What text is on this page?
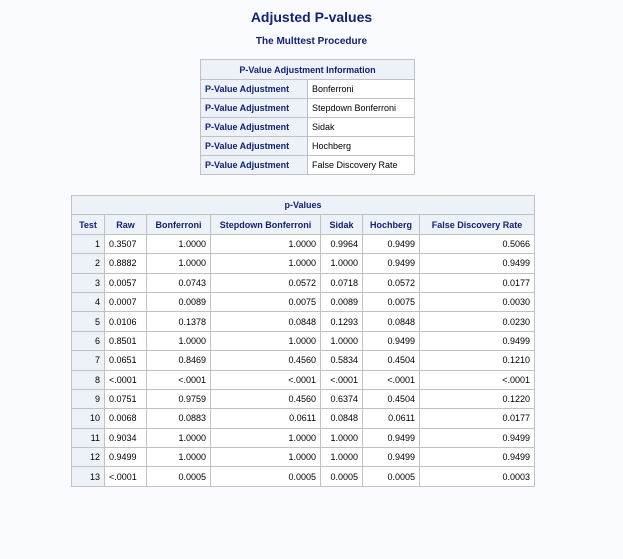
Adjusted P-values
The Multtest Procedure
P-Value Adjustment Information	
P-Value Adjustment	Bonferroni
P-Value Adjustment	Stepdown Bonferroni
P-Value Adjustment	Sidak
P-Value Adjustment	Hochberg
P-Value Adjustment	False Discovery Rate
p-Values						
Test	Raw	Bonferroni	Stepdown Bonferroni	Sidak	Hochberg	False Discovery Rate
1	0.3507	1.0000	1.0000	0.9964	0.9499	0.5066
2	0.8882	1.0000	1.0000	1.0000	0.9499	0.9499
3	0.0057	0.0743	0.0572	0.0718	0.0572	0.0177
4	0.0007	0.0089	0.0075	0.0089	0.0075	0.0030
5	0.0106	0.1378	0.0848	0.1293	0.0848	0.0230
6	0.8501	1.0000	1.0000	1.0000	0.9499	0.9499
7	0.0651	0.8469	0.4560	0.5834	0.4504	0.1210
8	<.0001	<.0001	<.0001	<.0001	<.0001	<.0001
9	0.0751	0.9759	0.4560	0.6374	0.4504	0.1220
10	0.0068	0.0883	0.0611	0.0848	0.0611	0.0177
11	0.9034	1.0000	1.0000	1.0000	0.9499	0.9499
12	0.9499	1.0000	1.0000	1.0000	0.9499	0.9499
13	<.0001	0.0005	0.0005	0.0005	0.0005	0.0003
